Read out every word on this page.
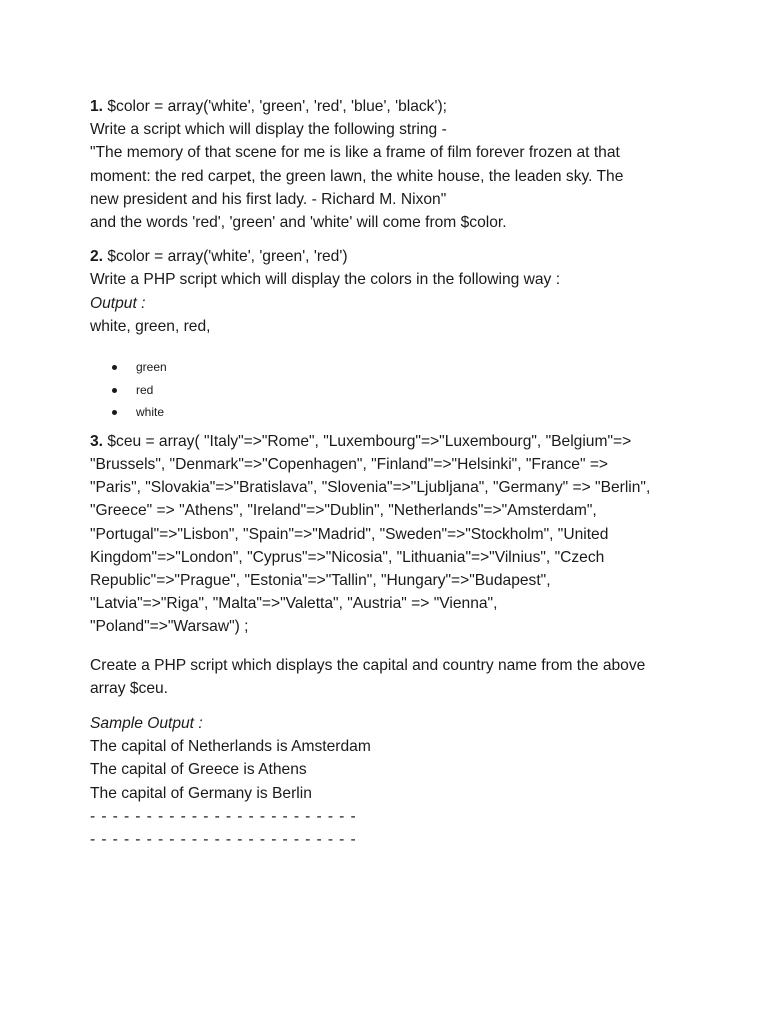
1. $color = array('white', 'green', 'red', 'blue', 'black');
Write a script which will display the following string -
"The memory of that scene for me is like a frame of film forever frozen at that
moment: the red carpet, the green lawn, the white house, the leaden sky. The
new president and his first lady. - Richard M. Nixon"
and the words 'red', 'green' and 'white' will come from $color.
2. $color = array('white', 'green', 'red')
Write a PHP script which will display the colors in the following way :
Output :
white, green, red,
green
red
white
3. $ceu = array( "Italy"=>"Rome", "Luxembourg"=>"Luxembourg", "Belgium"=>
"Brussels", "Denmark"=>"Copenhagen", "Finland"=>"Helsinki", "France" =>
"Paris", "Slovakia"=>"Bratislava", "Slovenia"=>"Ljubljana", "Germany" => "Berlin",
"Greece" => "Athens", "Ireland"=>"Dublin", "Netherlands"=>"Amsterdam",
"Portugal"=>"Lisbon", "Spain"=>"Madrid", "Sweden"=>"Stockholm", "United
Kingdom"=>"London", "Cyprus"=>"Nicosia", "Lithuania"=>"Vilnius", "Czech
Republic"=>"Prague", "Estonia"=>"Tallin", "Hungary"=>"Budapest",
"Latvia"=>"Riga", "Malta"=>"Valetta", "Austria" => "Vienna",
"Poland"=>"Warsaw") ;
Create a PHP script which displays the capital and country name from the above
array $ceu.
Sample Output :
The capital of Netherlands is Amsterdam
The capital of Greece is Athens
The capital of Germany is Berlin
- - - - - - - - - - - - - - - - - - - - - - - -
- - - - - - - - - - - - - - - - - - - - - - - -
